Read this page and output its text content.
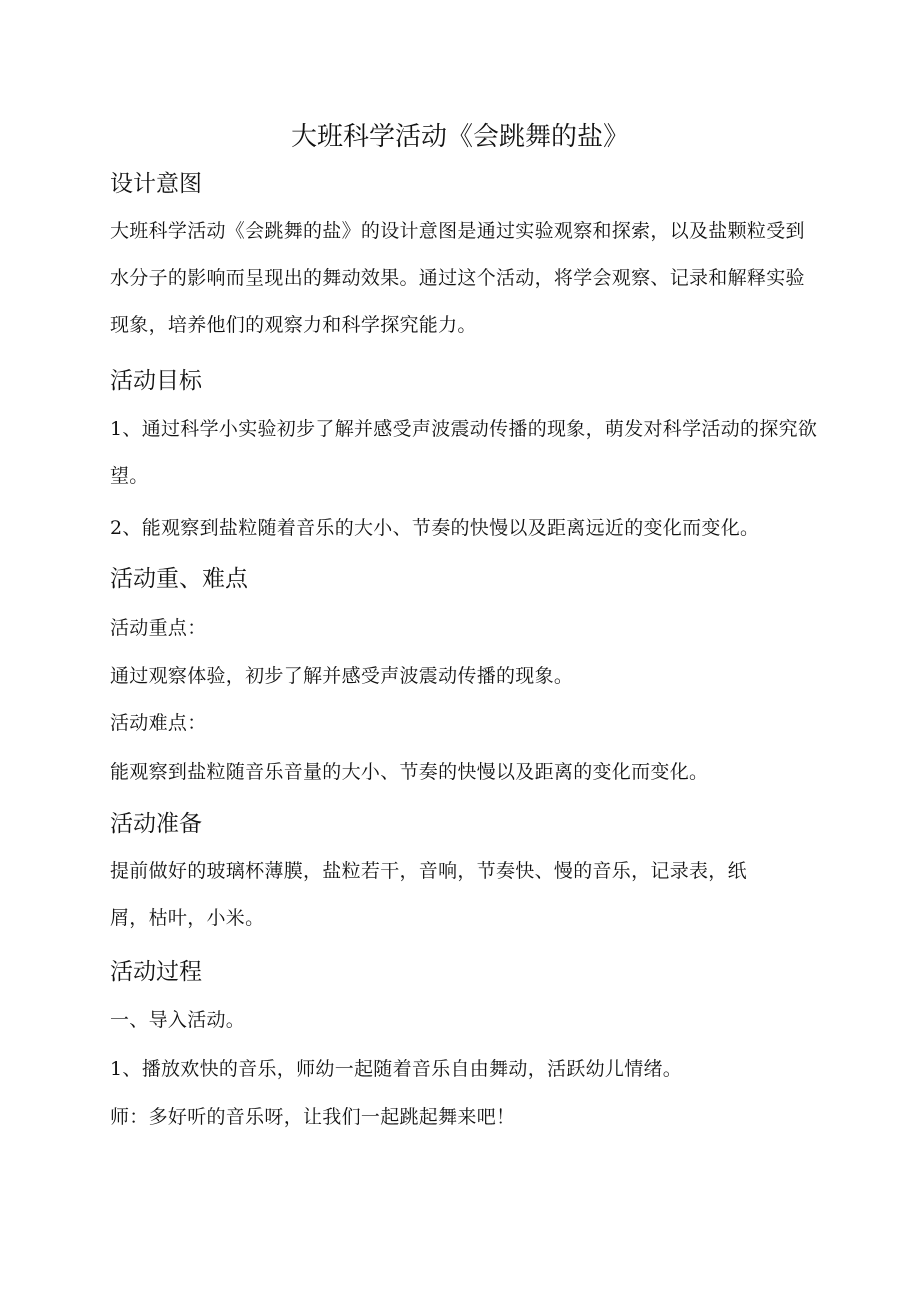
大班科学活动《会跳舞的盐》
设计意图

大班科学活动《会跳舞的盐》的设计意图是通过实验观察和探索，以及盐颗粒受到水分子的影响而呈现出的舞动效果。通过这个活动，将学会观察、记录和解释实验现象，培养他们的观察力和科学探究能力。

活动目标

1、通过科学小实验初步了解并感受声波震动传播的现象，萌发对科学活动的探究欲望。

2、能观察到盐粒随着音乐的大小、节奏的快慢以及距离远近的变化而变化。

活动重、难点

活动重点：

通过观察体验，初步了解并感受声波震动传播的现象。

活动难点：

能观察到盐粒随音乐音量的大小、节奏的快慢以及距离的变化而变化。

活动准备

提前做好的玻璃杯薄膜，盐粒若干，音响，节奏快、慢的音乐，记录表，纸屑，枯叶，小米。

活动过程

一、导入活动。

1、播放欢快的音乐，师幼一起随着音乐自由舞动，活跃幼儿情绪。

师：多好听的音乐呀，让我们一起跳起舞来吧！
